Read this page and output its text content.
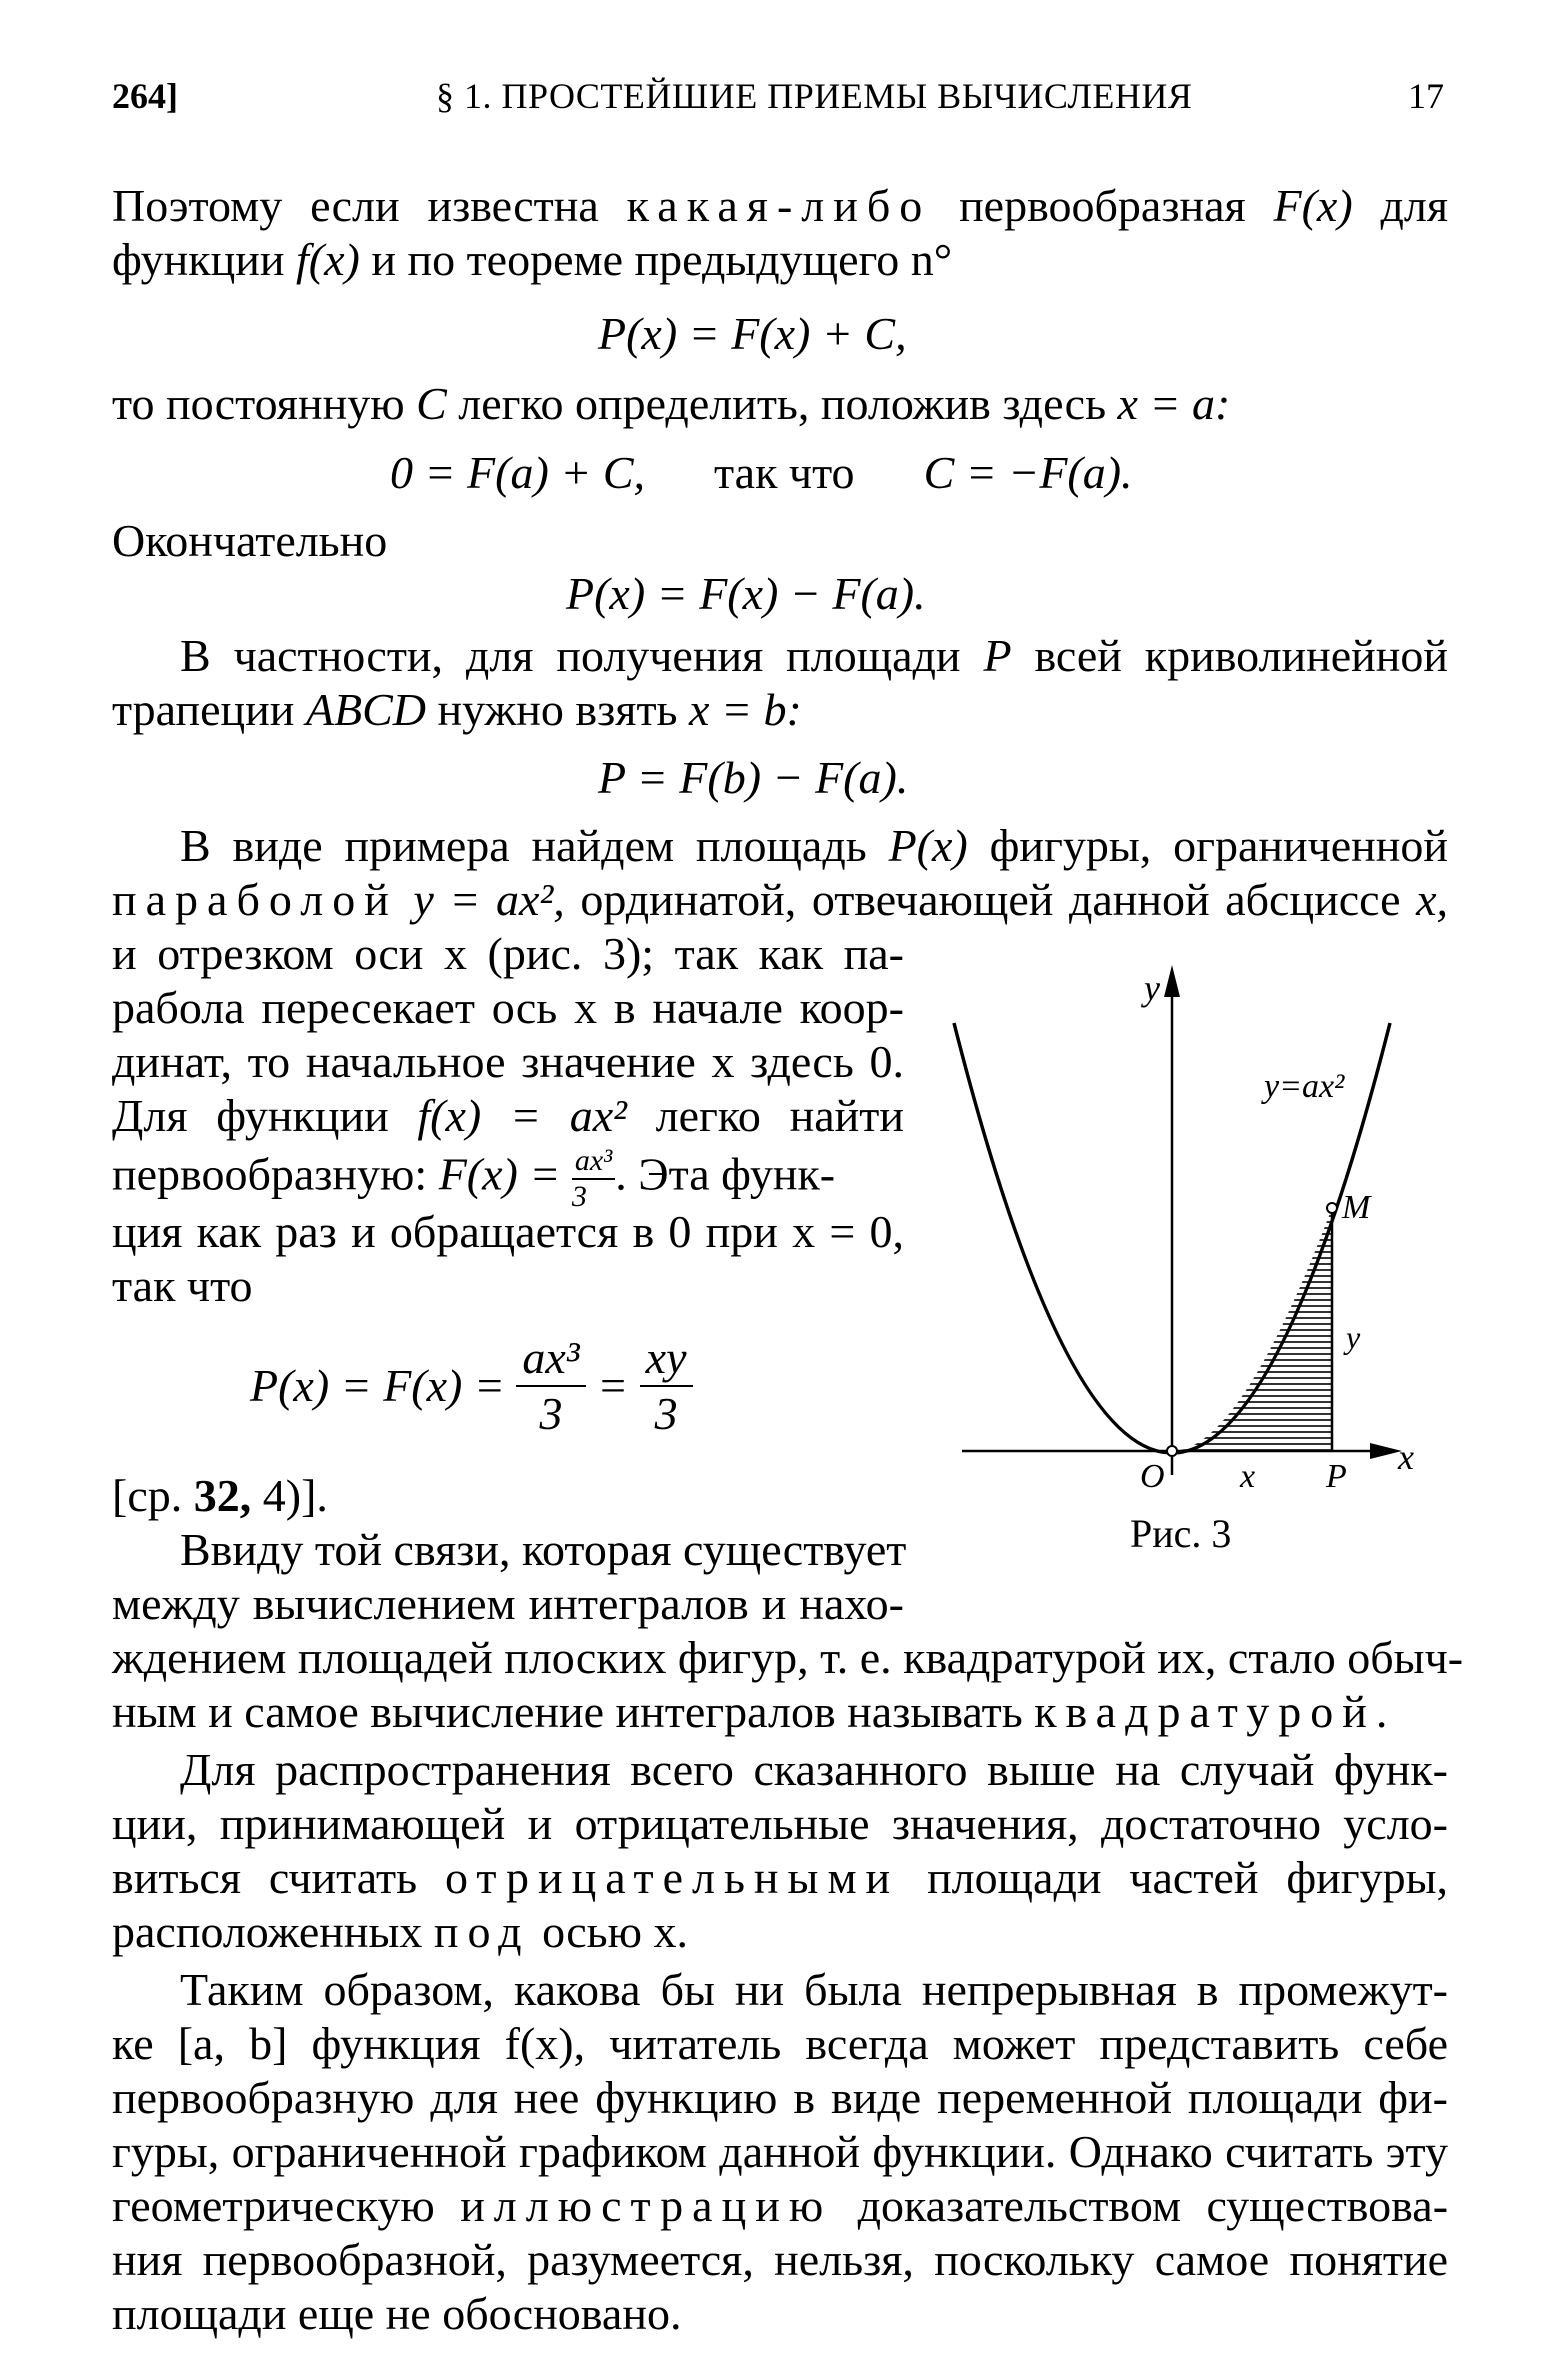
264]	§ 1. ПРОСТЕЙШИЕ ПРИЕМЫ ВЫЧИСЛЕНИЯ	17
Поэтому если известна какая-либо первообразная F(x) для
функции f(x) и по теореме предыдущего n°
P(x) = F(x) + C,
то постоянную C легко определить, положив здесь x = a:
0 = F(a) + C, так что C = −F(a).
Окончательно
P(x) = F(x) − F(a).
В частности, для получения площади P всей криволинейной
трапеции ABCD нужно взять x = b:
P = F(b) − F(a).
В виде примера найдем площадь P(x) фигуры, ограниченной
параболой y = ax², ординатой, отвечающей данной абсциссе x,
и отрезком оси x (рис. 3); так как па-
рабола пересекает ось x в начале коор-
динат, то начальное значение x здесь 0.
Для функции f(x) = ax² легко найти
первообразную: $F(x) = \frac{\text{ax³}}{3}$ . Эта функ-
ция как раз и обращается в 0 при x = 0,
так что
$P(x) = F(x) = \frac{\text{ax³}}{3} = \frac{xy}{3}$
[ср. 32, 4)].
Ввиду той связи, которая существует
между вычислением интегралов и нахо-
ждением площадей плоских фигур, т. е. квадратурой их, стало обыч-
ным и самое вычисление интегралов называть квадратурой.
Для распространения всего сказанного выше на случай функ-
ции, принимающей и отрицательные значения, достаточно усло-
виться считать отрицательными площади частей фигуры,
расположенных под осью x.
Таким образом, какова бы ни была непрерывная в промежут-
ке [a, b] функция f(x), читатель всегда может представить себе
первообразную для нее функцию в виде переменной площади фи-
гуры, ограниченной графиком данной функции. Однако считать эту
геометрическую иллюстрацию доказательством существова-
ния первообразной, разумеется, нельзя, поскольку самое понятие
площади еще не обосновано.
y
y=ax²
M
y
O x P x
Рис. 3
